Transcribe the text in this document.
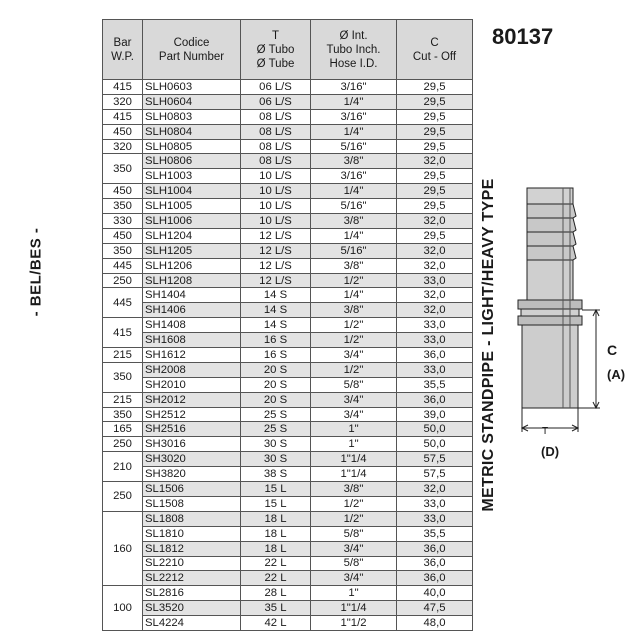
- BEL/BES -
Bar
W.P.	Codice
Part Number	T
Ø Tubo
Ø Tube	Ø Int.
Tubo Inch.
Hose I.D.	C
Cut - Off

415	SLH0603	06 L/S	3/16"	29,5
320	SLH0604	06 L/S	1/4"	29,5
415	SLH0803	08 L/S	3/16"	29,5
450	SLH0804	08 L/S	1/4"	29,5
320	SLH0805	08 L/S	5/16"	29,5
350	SLH0806	08 L/S	3/8"	32,0
	SLH1003	10 L/S	3/16"	29,5
450	SLH1004	10 L/S	1/4"	29,5
350	SLH1005	10 L/S	5/16"	29,5
330	SLH1006	10 L/S	3/8"	32,0
450	SLH1204	12 L/S	1/4"	29,5
350	SLH1205	12 L/S	5/16"	32,0
445	SLH1206	12 L/S	3/8"	32,0
250	SLH1208	12 L/S	1/2"	33,0
445	SH1404	14 S	1/4"	32,0
	SH1406	14 S	3/8"	32,0
415	SH1408	14 S	1/2"	33,0
	SH1608	16 S	1/2"	33,0
215	SH1612	16 S	3/4"	36,0
350	SH2008	20 S	1/2"	33,0
	SH2010	20 S	5/8"	35,5
215	SH2012	20 S	3/4"	36,0
350	SH2512	25 S	3/4"	39,0
165	SH2516	25 S	1"	50,0
250	SH3016	30 S	1"	50,0
210	SH3020	30 S	1"1/4	57,5
	SH3820	38 S	1"1/4	57,5
250	SL1506	15 L	3/8"	32,0
	SL1508	15 L	1/2"	33,0
160	SL1808	18 L	1/2"	33,0
	SL1810	18 L	5/8"	35,5
	SL1812	18 L	3/4"	36,0
	SL2210	22 L	5/8"	36,0
	SL2212	22 L	3/4"	36,0
100	SL2816	28 L	1"	40,0
	SL3520	35 L	1"1/4	47,5
	SL4224	42 L	1"1/2	48,0
80137
METRIC STANDPIPE - LIGHT/HEAVY TYPE	C
(A)
T
(D)
